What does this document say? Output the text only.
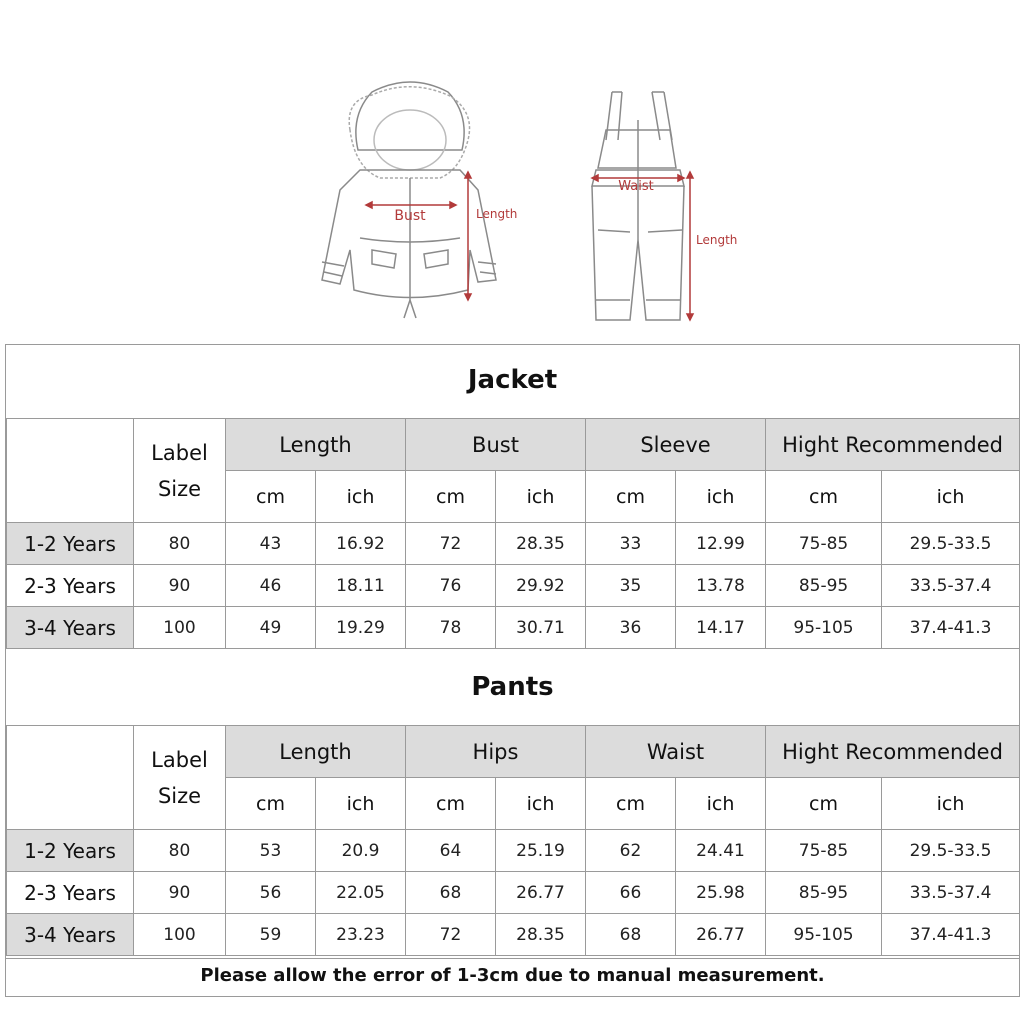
Bust	Length
Waist
Length
Jacket
	Label
Size	Length		Bust		Sleeve		Hight Recommended	
		cm	ich	cm	ich	cm	ich	cm	ich
1-2 Years	80	43	16.92	72	28.35	33	12.99	75-85	29.5-33.5
2-3 Years	90	46	18.11	76	29.92	35	13.78	85-95	33.5-37.4
3-4 Years	100	49	19.29	78	30.71	36	14.17	95-105	37.4-41.3
Pants
	Label
Size	Length		Hips		Waist		Hight Recommended	
		cm	ich	cm	ich	cm	ich	cm	ich
1-2 Years	80	53	20.9	64	25.19	62	24.41	75-85	29.5-33.5
2-3 Years	90	56	22.05	68	26.77	66	25.98	85-95	33.5-37.4
3-4 Years	100	59	23.23	72	28.35	68	26.77	95-105	37.4-41.3
Please allow the error of 1-3cm due to manual measurement.
